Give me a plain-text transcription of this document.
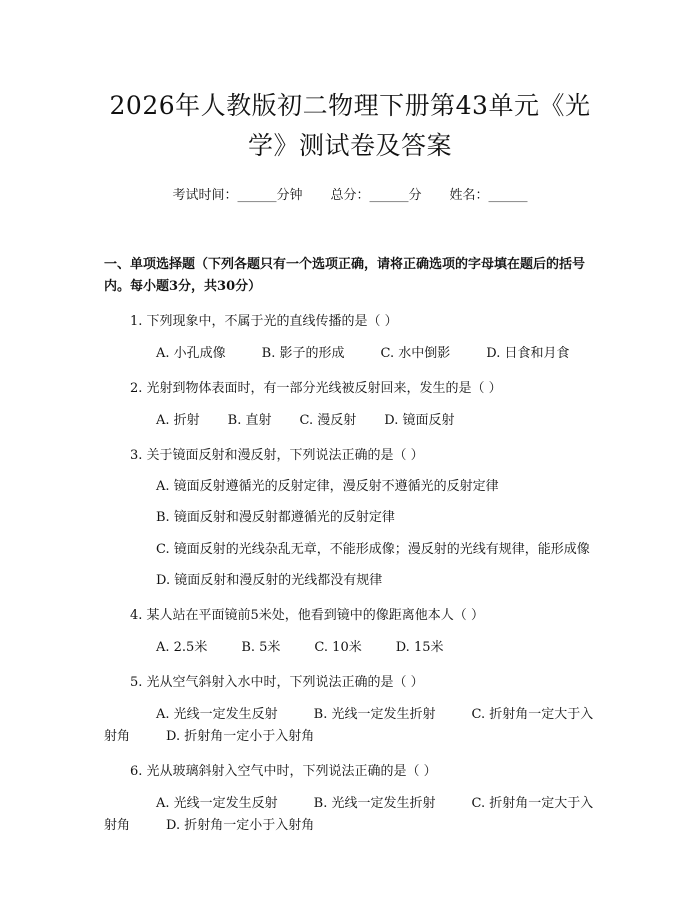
2026年人教版初二物理下册第43单元《光学》测试卷及答案
考试时间：______分钟 总分：______分 姓名：______
一、单项选择题（下列各题只有一个选项正确，请将正确选项的字母填在题后的括号内。每小题3分，共30分）
1. 下列现象中，不属于光的直线传播的是（ ）
A. 小孔成像	B. 影子的形成	C. 水中倒影	D. 日食和月食
2. 光射到物体表面时，有一部分光线被反射回来，发生的是（ ）
A. 折射 B. 直射 C. 漫反射 D. 镜面反射
3. 关于镜面反射和漫反射，下列说法正确的是（ ）
A. 镜面反射遵循光的反射定律，漫反射不遵循光的反射定律
B. 镜面反射和漫反射都遵循光的反射定律
C. 镜面反射的光线杂乱无章，不能形成像；漫反射的光线有规律，能形成像
D. 镜面反射和漫反射的光线都没有规律
4. 某人站在平面镜前5米处，他看到镜中的像距离他本人（ ）
A. 2.5米	B. 5米	C. 10米	D. 15米
5. 光从空气斜射入水中时，下列说法正确的是（ ）
A. 光线一定发生反射	B. 光线一定发生折射	C. 折射角一定大于入射角	D. 折射角一定小于入射角
6. 光从玻璃斜射入空气中时，下列说法正确的是（ ）
A. 光线一定发生反射	B. 光线一定发生折射	C. 折射角一定大于入射角	D. 折射角一定小于入射角
